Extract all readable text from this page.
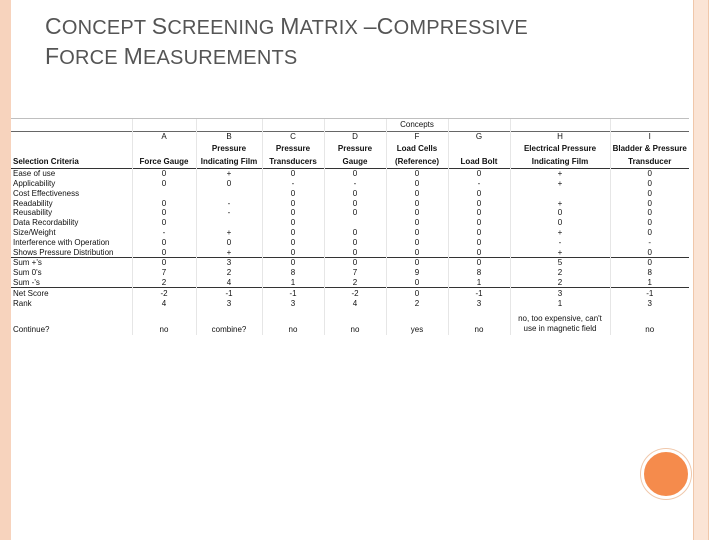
CONCEPT SCREENING MATRIX –COMPRESSIVE
FORCE MEASUREMENTS
					Concepts			
	A	B	C	D	F	G	H	I
		Pressure	Pressure	Pressure	Load Cells		Electrical Pressure	Bladder & Pressure
Selection Criteria	Force Gauge	Indicating Film	Transducers	Gauge	(Reference)	Load Bolt	Indicating Film	Transducer
Ease of use	0	+	0	0	0	0	+	0
Applicability	0	0	-	-	0	-	+	0
Cost Effectiveness			0	0	0	0		0
Readability	0	-	0	0	0	0	+	0
Reusability	0	-	0	0	0	0	0	0
Data Recordability	0		0		0	0	0	0
Size/Weight	-	+	0	0	0	0	+	0
Interference with Operation	0	0	0	0	0	0	-	-
Shows Pressure Distribution	0	+	0	0	0	0	+	0
Sum +'s	0	3	0	0	0	0	5	0
Sum 0's	7	2	8	7	9	8	2	8
Sum -'s	2	4	1	2	0	1	2	1
Net Score	-2	-1	-1	-2	0	-1	3	-1
Rank	4	3	3	4	2	3	1	3
Continue?	no	combine?	no	no	yes	no	no, too expensive, can't use in magnetic field	no
